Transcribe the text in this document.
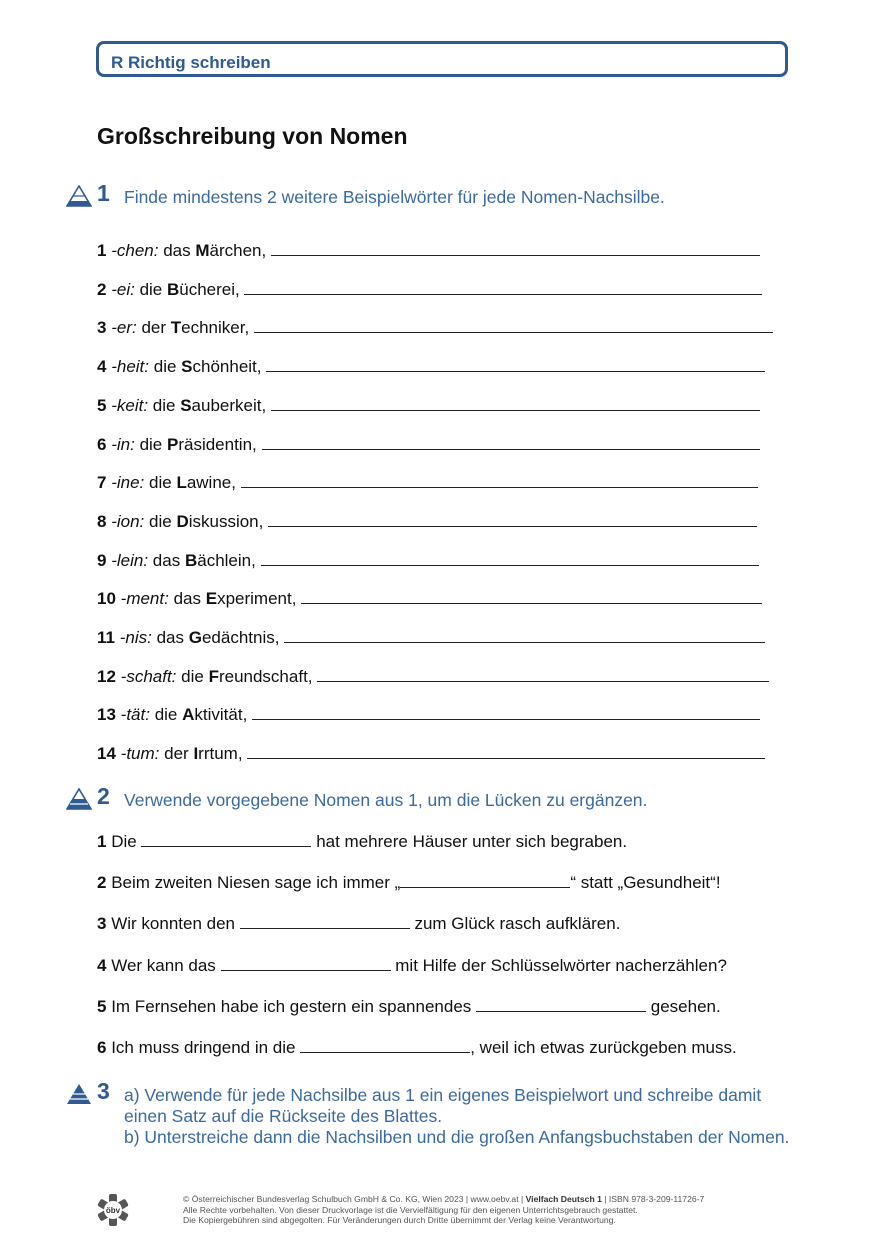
R Richtig schreiben
Großschreibung von Nomen
1 Finde mindestens 2 weitere Beispielwörter für jede Nomen-Nachsilbe.
1 -chen: das Märchen,
2 -ei: die Bücherei,
3 -er: der Techniker,
4 -heit: die Schönheit,
5 -keit: die Sauberkeit,
6 -in: die Präsidentin,
7 -ine: die Lawine,
8 -ion: die Diskussion,
9 -lein: das Bächlein,
10 -ment: das Experiment,
11 -nis: das Gedächtnis,
12 -schaft: die Freundschaft,
13 -tät: die Aktivität,
14 -tum: der Irrtum,
2 Verwende vorgegebene Nomen aus 1, um die Lücken zu ergänzen.
1 Die	hat mehrere Häuser unter sich begraben.
2 Beim zweiten Niesen sage ich immer „	“ statt „Gesundheit“!
3 Wir konnten den	zum Glück rasch aufklären.
4 Wer kann das	mit Hilfe der Schlüsselwörter nacherzählen?
5 Im Fernsehen habe ich gestern ein spannendes	gesehen.
6 Ich muss dringend in die	, weil ich etwas zurückgeben muss.
3 a) Verwende für jede Nachsilbe aus 1 ein eigenes Beispielwort und schreibe damit einen Satz auf die Rückseite des Blattes.
b) Unterstreiche dann die Nachsilben und die großen Anfangsbuchstaben der Nomen.
öbv
© Österreichischer Bundesverlag Schulbuch GmbH & Co. KG, Wien 2023 | www.oebv.at | Vielfach Deutsch 1 | ISBN 978-3-209-11726-7
Alle Rechte vorbehalten. Von dieser Druckvorlage ist die Vervielfältigung für den eigenen Unterrichtsgebrauch gestattet.
Die Kopiergebühren sind abgegolten. Für Veränderungen durch Dritte übernimmt der Verlag keine Verantwortung.
